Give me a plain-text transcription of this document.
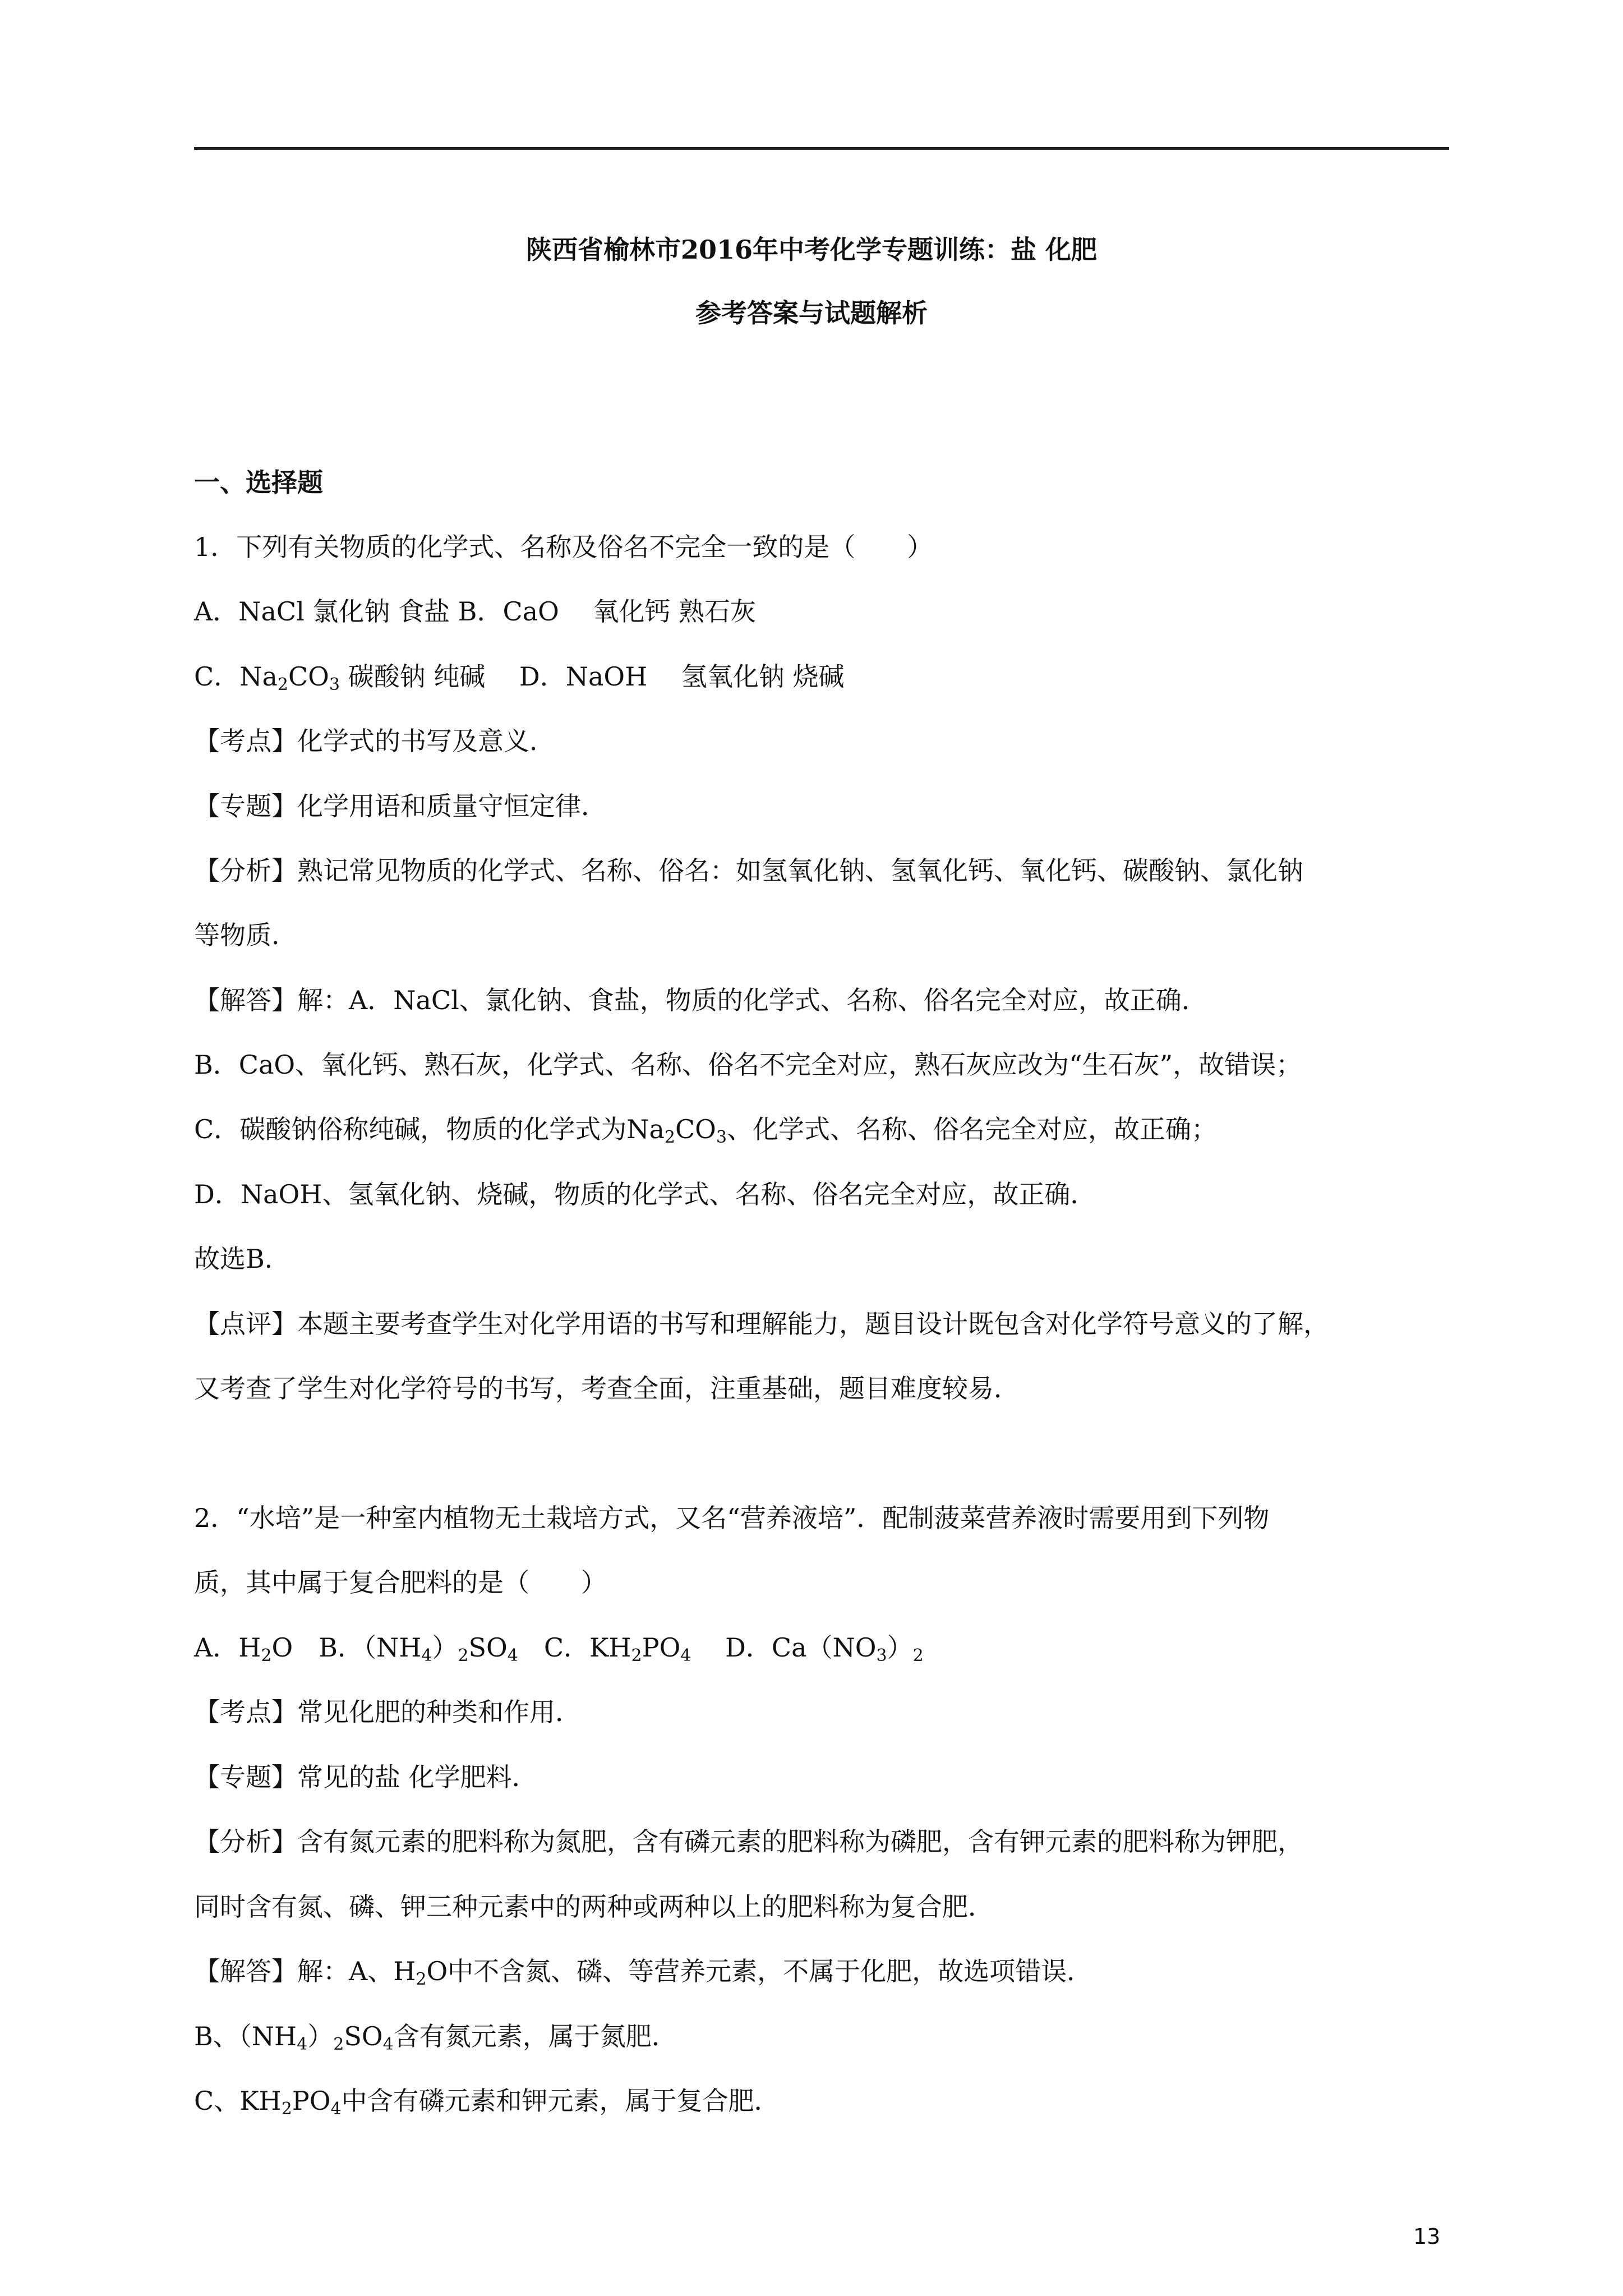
陕西省榆林市2016年中考化学专题训练：盐 化肥
参考答案与试题解析
一、选择题
1．下列有关物质的化学式、名称及俗名不完全一致的是（　　）
A．NaCl 氯化钠 食盐 B．CaO　 氧化钙 熟石灰
C．$Na_2CO_3$ 碳酸钠 纯碱　 D．NaOH　 氢氧化钠 烧碱
【考点】化学式的书写及意义．
【专题】化学用语和质量守恒定律．
【分析】熟记常见物质的化学式、名称、俗名：如氢氧化钠、氢氧化钙、氧化钙、碳酸钠、氯化钠
等物质．
【解答】解：A．NaCl、氯化钠、食盐，物质的化学式、名称、俗名完全对应，故正确．
B．CaO、氧化钙、熟石灰，化学式、名称、俗名不完全对应，熟石灰应改为“生石灰”，故错误；
C．碳酸钠俗称纯碱，物质的化学式为$Na_2CO_3$、化学式、名称、俗名完全对应，故正确；
D．NaOH、氢氧化钠、烧碱，物质的化学式、名称、俗名完全对应，故正确．
故选B．
【点评】本题主要考查学生对化学用语的书写和理解能力，题目设计既包含对化学符号意义的了解，
又考查了学生对化学符号的书写，考查全面，注重基础，题目难度较易．
2．“水培”是一种室内植物无土栽培方式，又名“营养液培”．配制菠菜营养液时需要用到下列物
质，其中属于复合肥料的是（　　）
A．$H_2O$　B．$(NH_4)_2SO_4$　C．$KH_2PO_4$　 D．$Ca(NO_3)_2$
【考点】常见化肥的种类和作用．
【专题】常见的盐 化学肥料．
【分析】含有氮元素的肥料称为氮肥，含有磷元素的肥料称为磷肥，含有钾元素的肥料称为钾肥，
同时含有氮、磷、钾三种元素中的两种或两种以上的肥料称为复合肥．
【解答】解：A、$H_2O$中不含氮、磷、等营养元素，不属于化肥，故选项错误．
B、$(NH_4)_2SO_4$含有氮元素，属于氮肥．
C、$KH_2PO_4$中含有磷元素和钾元素，属于复合肥．
13
